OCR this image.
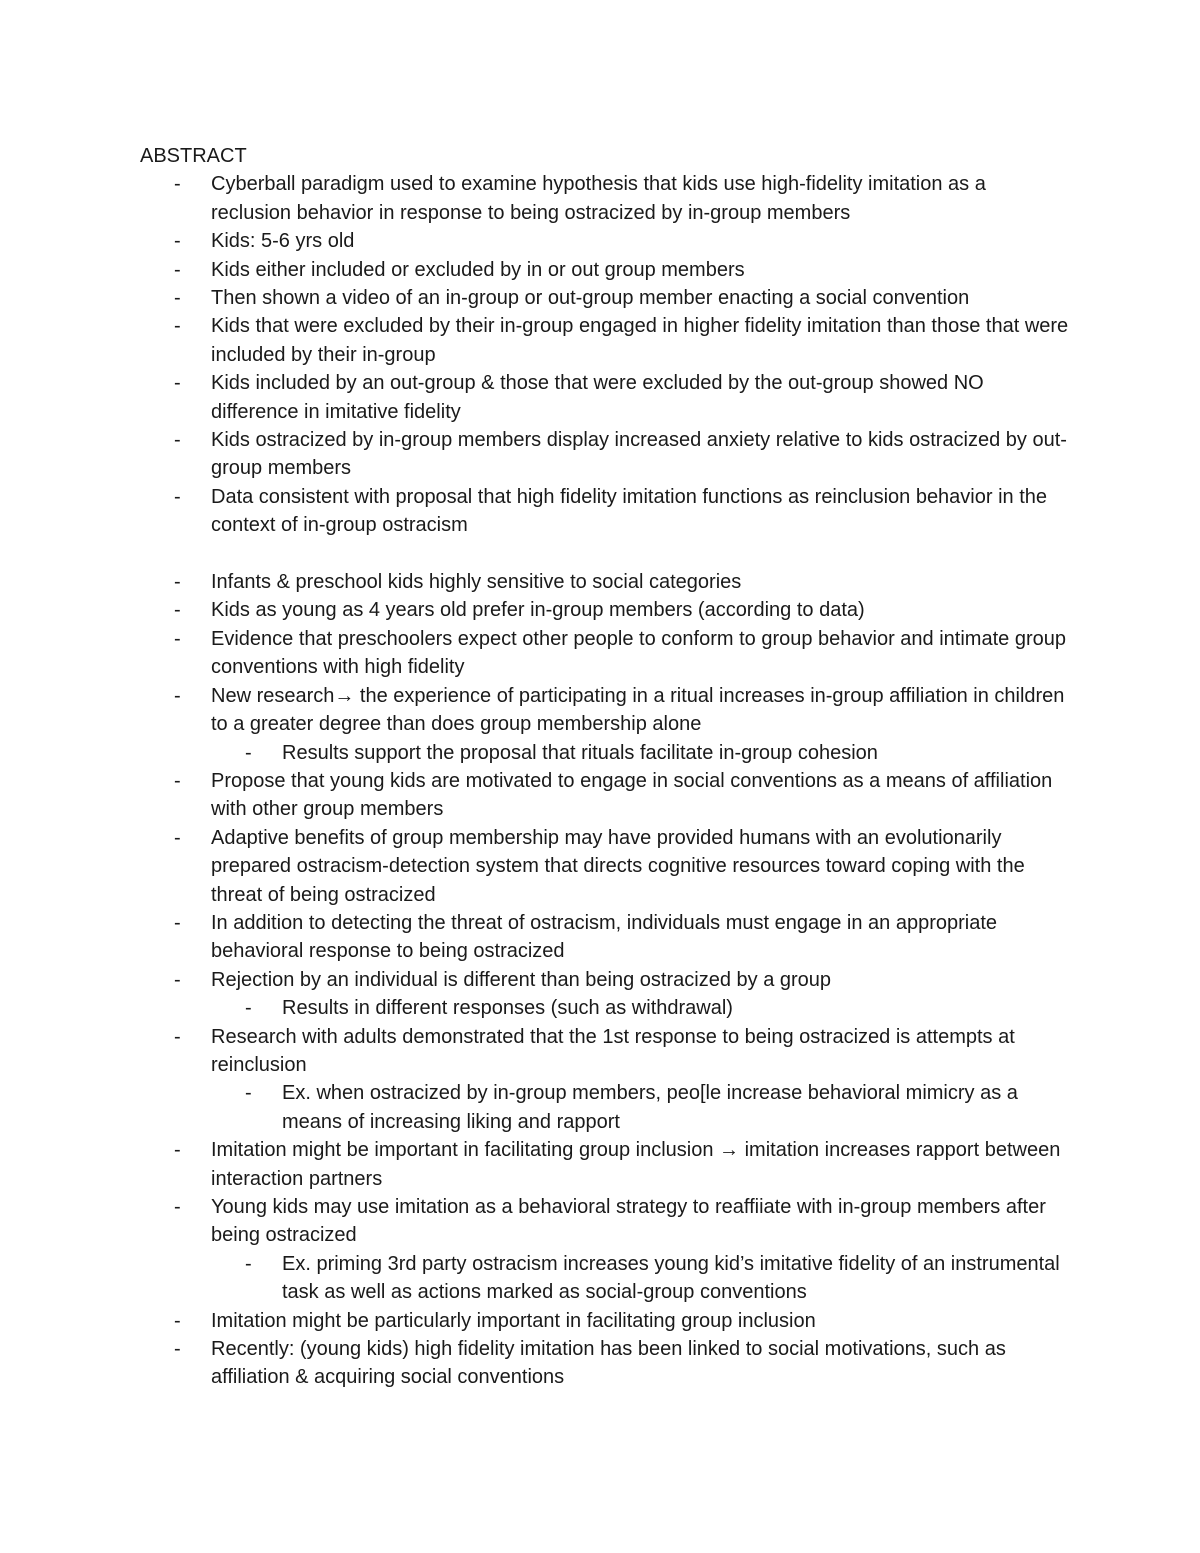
ABSTRACT
- Cyberball paradigm used to examine hypothesis that kids use high-fidelity imitation as a reclusion behavior in response to being ostracized by in-group members
- Kids: 5-6 yrs old
- Kids either included or excluded by in or out group members
- Then shown a video of an in-group or out-group member enacting a social convention
- Kids that were excluded by their in-group engaged in higher fidelity imitation than those that were included by their in-group
- Kids included by an out-group & those that were excluded by the out-group showed NO difference in imitative fidelity
- Kids ostracized by in-group members display increased anxiety relative to kids ostracized by out-group members
- Data consistent with proposal that high fidelity imitation functions as reinclusion behavior in the context of in-group ostracism
- Infants & preschool kids highly sensitive to social categories
- Kids as young as 4 years old prefer in-group members (according to data)
- Evidence that preschoolers expect other people to conform to group behavior and intimate group conventions with high fidelity
- New research→ the experience of participating in a ritual increases in-group affiliation in children to a greater degree than does group membership alone
- Results support the proposal that rituals facilitate in-group cohesion
- Propose that young kids are motivated to engage in social conventions as a means of affiliation with other group members
- Adaptive benefits of group membership may have provided humans with an evolutionarily prepared ostracism-detection system that directs cognitive resources toward coping with the threat of being ostracized
- In addition to detecting the threat of ostracism, individuals must engage in an appropriate behavioral response to being ostracized
- Rejection by an individual is different than being ostracized by a group
- Results in different responses (such as withdrawal)
- Research with adults demonstrated that the 1st response to being ostracized is attempts at reinclusion
- Ex. when ostracized by in-group members, peo[le increase behavioral mimicry as a means of increasing liking and rapport
- Imitation might be important in facilitating group inclusion → imitation increases rapport between interaction partners
- Young kids may use imitation as a behavioral strategy to reaffiiate with in-group members after being ostracized
- Ex. priming 3rd party ostracism increases young kid’s imitative fidelity of an instrumental task as well as actions marked as social-group conventions
- Imitation might be particularly important in facilitating group inclusion
- Recently: (young kids) high fidelity imitation has been linked to social motivations, such as affiliation & acquiring social conventions
